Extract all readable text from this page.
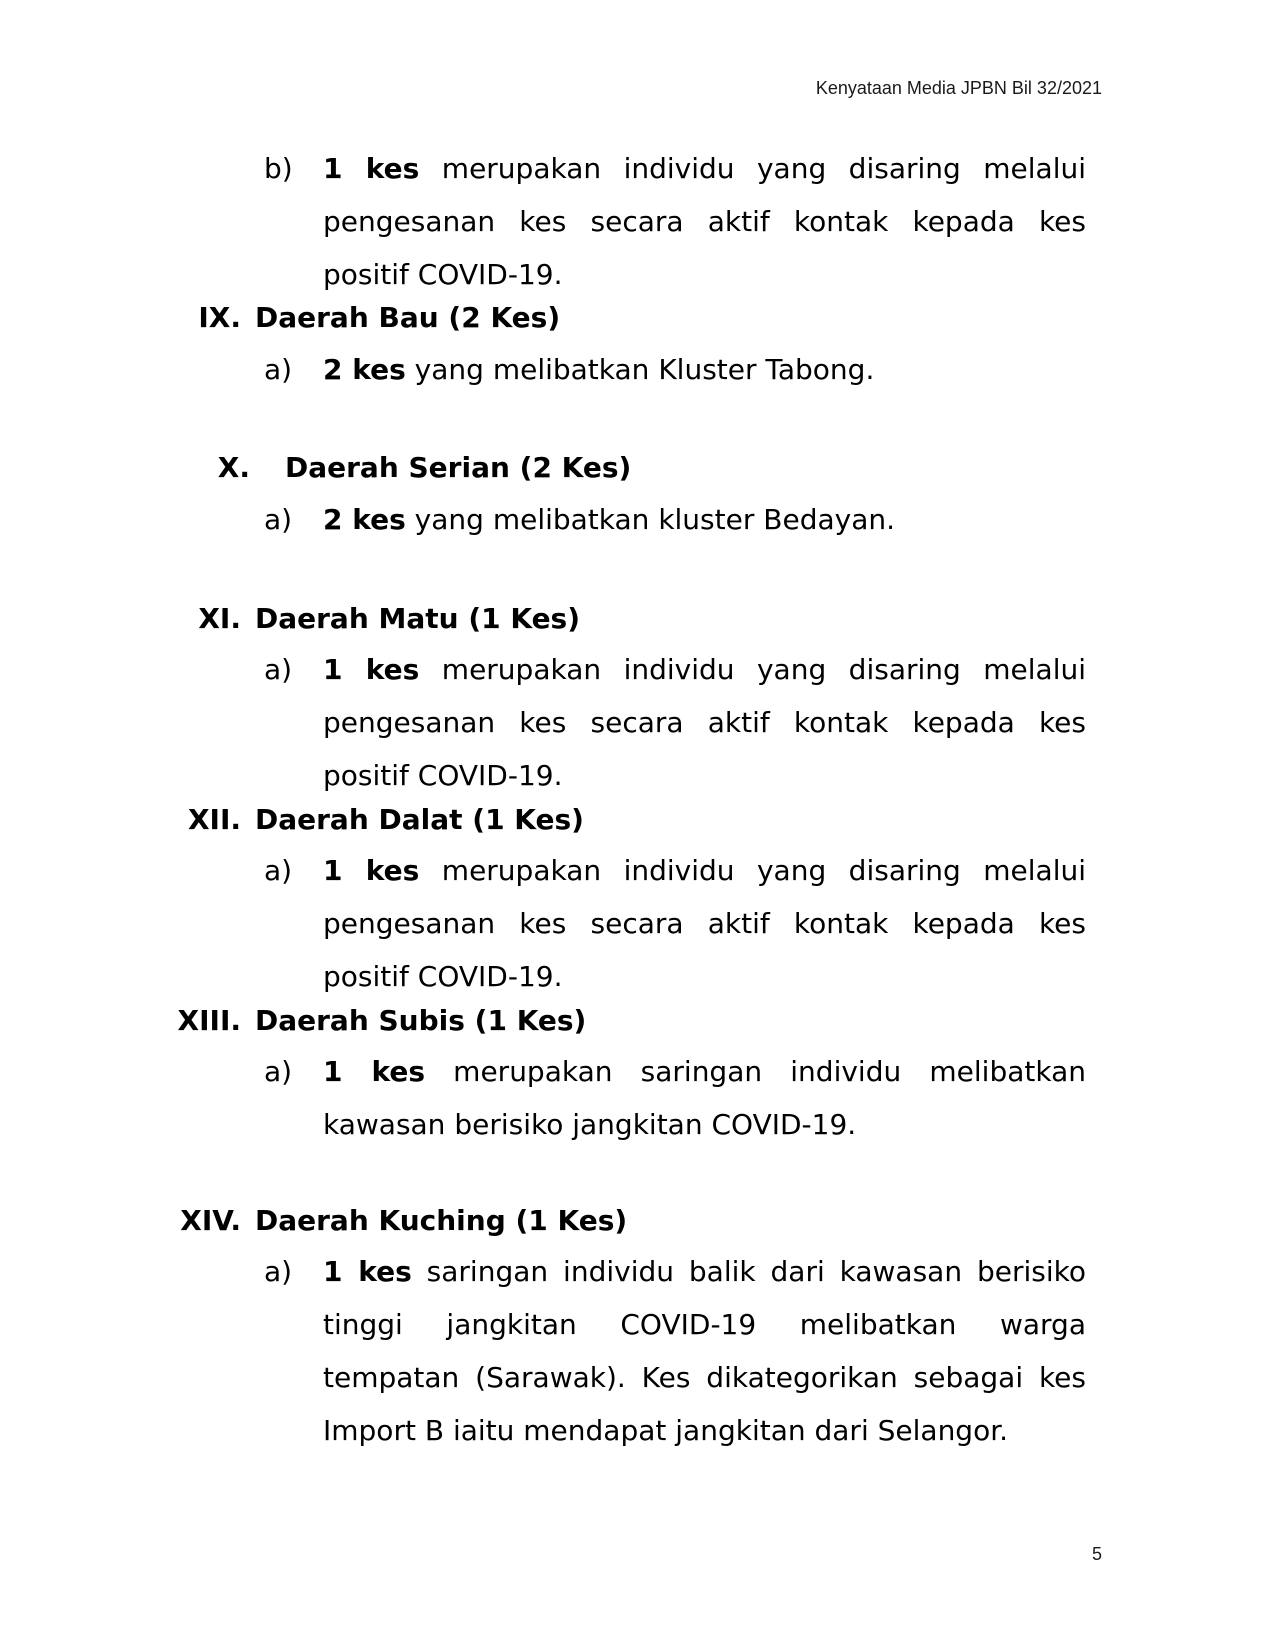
Kenyataan Media JPBN Bil 32/2021
b) 1 kes merupakan individu yang disaring melalui pengesanan kes secara aktif kontak kepada kes positif COVID-19.
IX. Daerah Bau (2 Kes)
a) 2 kes yang melibatkan Kluster Tabong.
X. Daerah Serian (2 Kes)
a) 2 kes yang melibatkan kluster Bedayan.
XI. Daerah Matu (1 Kes)
a) 1 kes merupakan individu yang disaring melalui pengesanan kes secara aktif kontak kepada kes positif COVID-19.
XII. Daerah Dalat (1 Kes)
a) 1 kes merupakan individu yang disaring melalui pengesanan kes secara aktif kontak kepada kes positif COVID-19.
XIII. Daerah Subis (1 Kes)
a) 1 kes merupakan saringan individu melibatkan kawasan berisiko jangkitan COVID-19.
XIV. Daerah Kuching (1 Kes)
a) 1 kes saringan individu balik dari kawasan berisiko tinggi jangkitan COVID-19 melibatkan warga tempatan (Sarawak). Kes dikategorikan sebagai kes Import B iaitu mendapat jangkitan dari Selangor.
5
